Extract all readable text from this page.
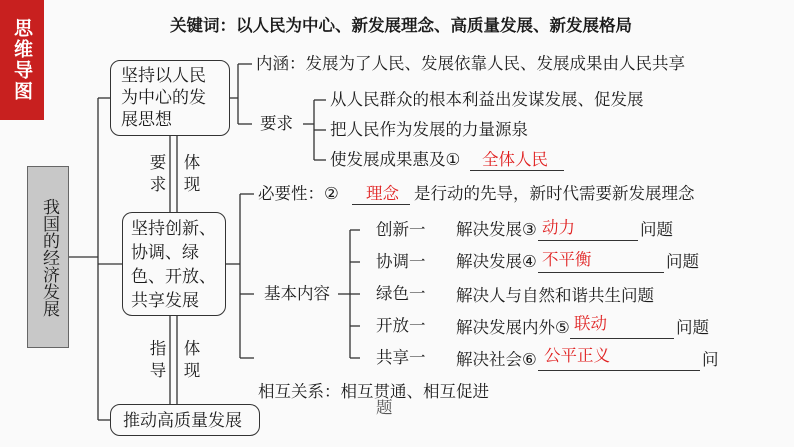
思维导图	关键词：以人民为中心、新发展理念、高质量发展、新发展格局
我国的经济发展
坚持以人民为中心的发展思想
坚持创新、协调、绿色、开放、共享发展
推动高质量发展
内涵：发展为了人民、发展依靠人民、发展成果由人民共享
要求
从人民群众的根本利益出发谋发展、促发展
把人民作为发展的力量源泉
使发展成果惠及① 全体人民
要
求
体
现
指
导
体
现
必要性：② 理念 是行动的先导，新时代需要新发展理念
基本内容
创新一 解决发展③ 动力	问题
协调一 解决发展④ 不平衡	问题
绿色一 解决人与自然和谐共生问题
开放一 解决发展内外⑤ 联动	问题
共享一 解决社会⑥ 公平正义	问
相互关系：相互贯通、相互促进
题
